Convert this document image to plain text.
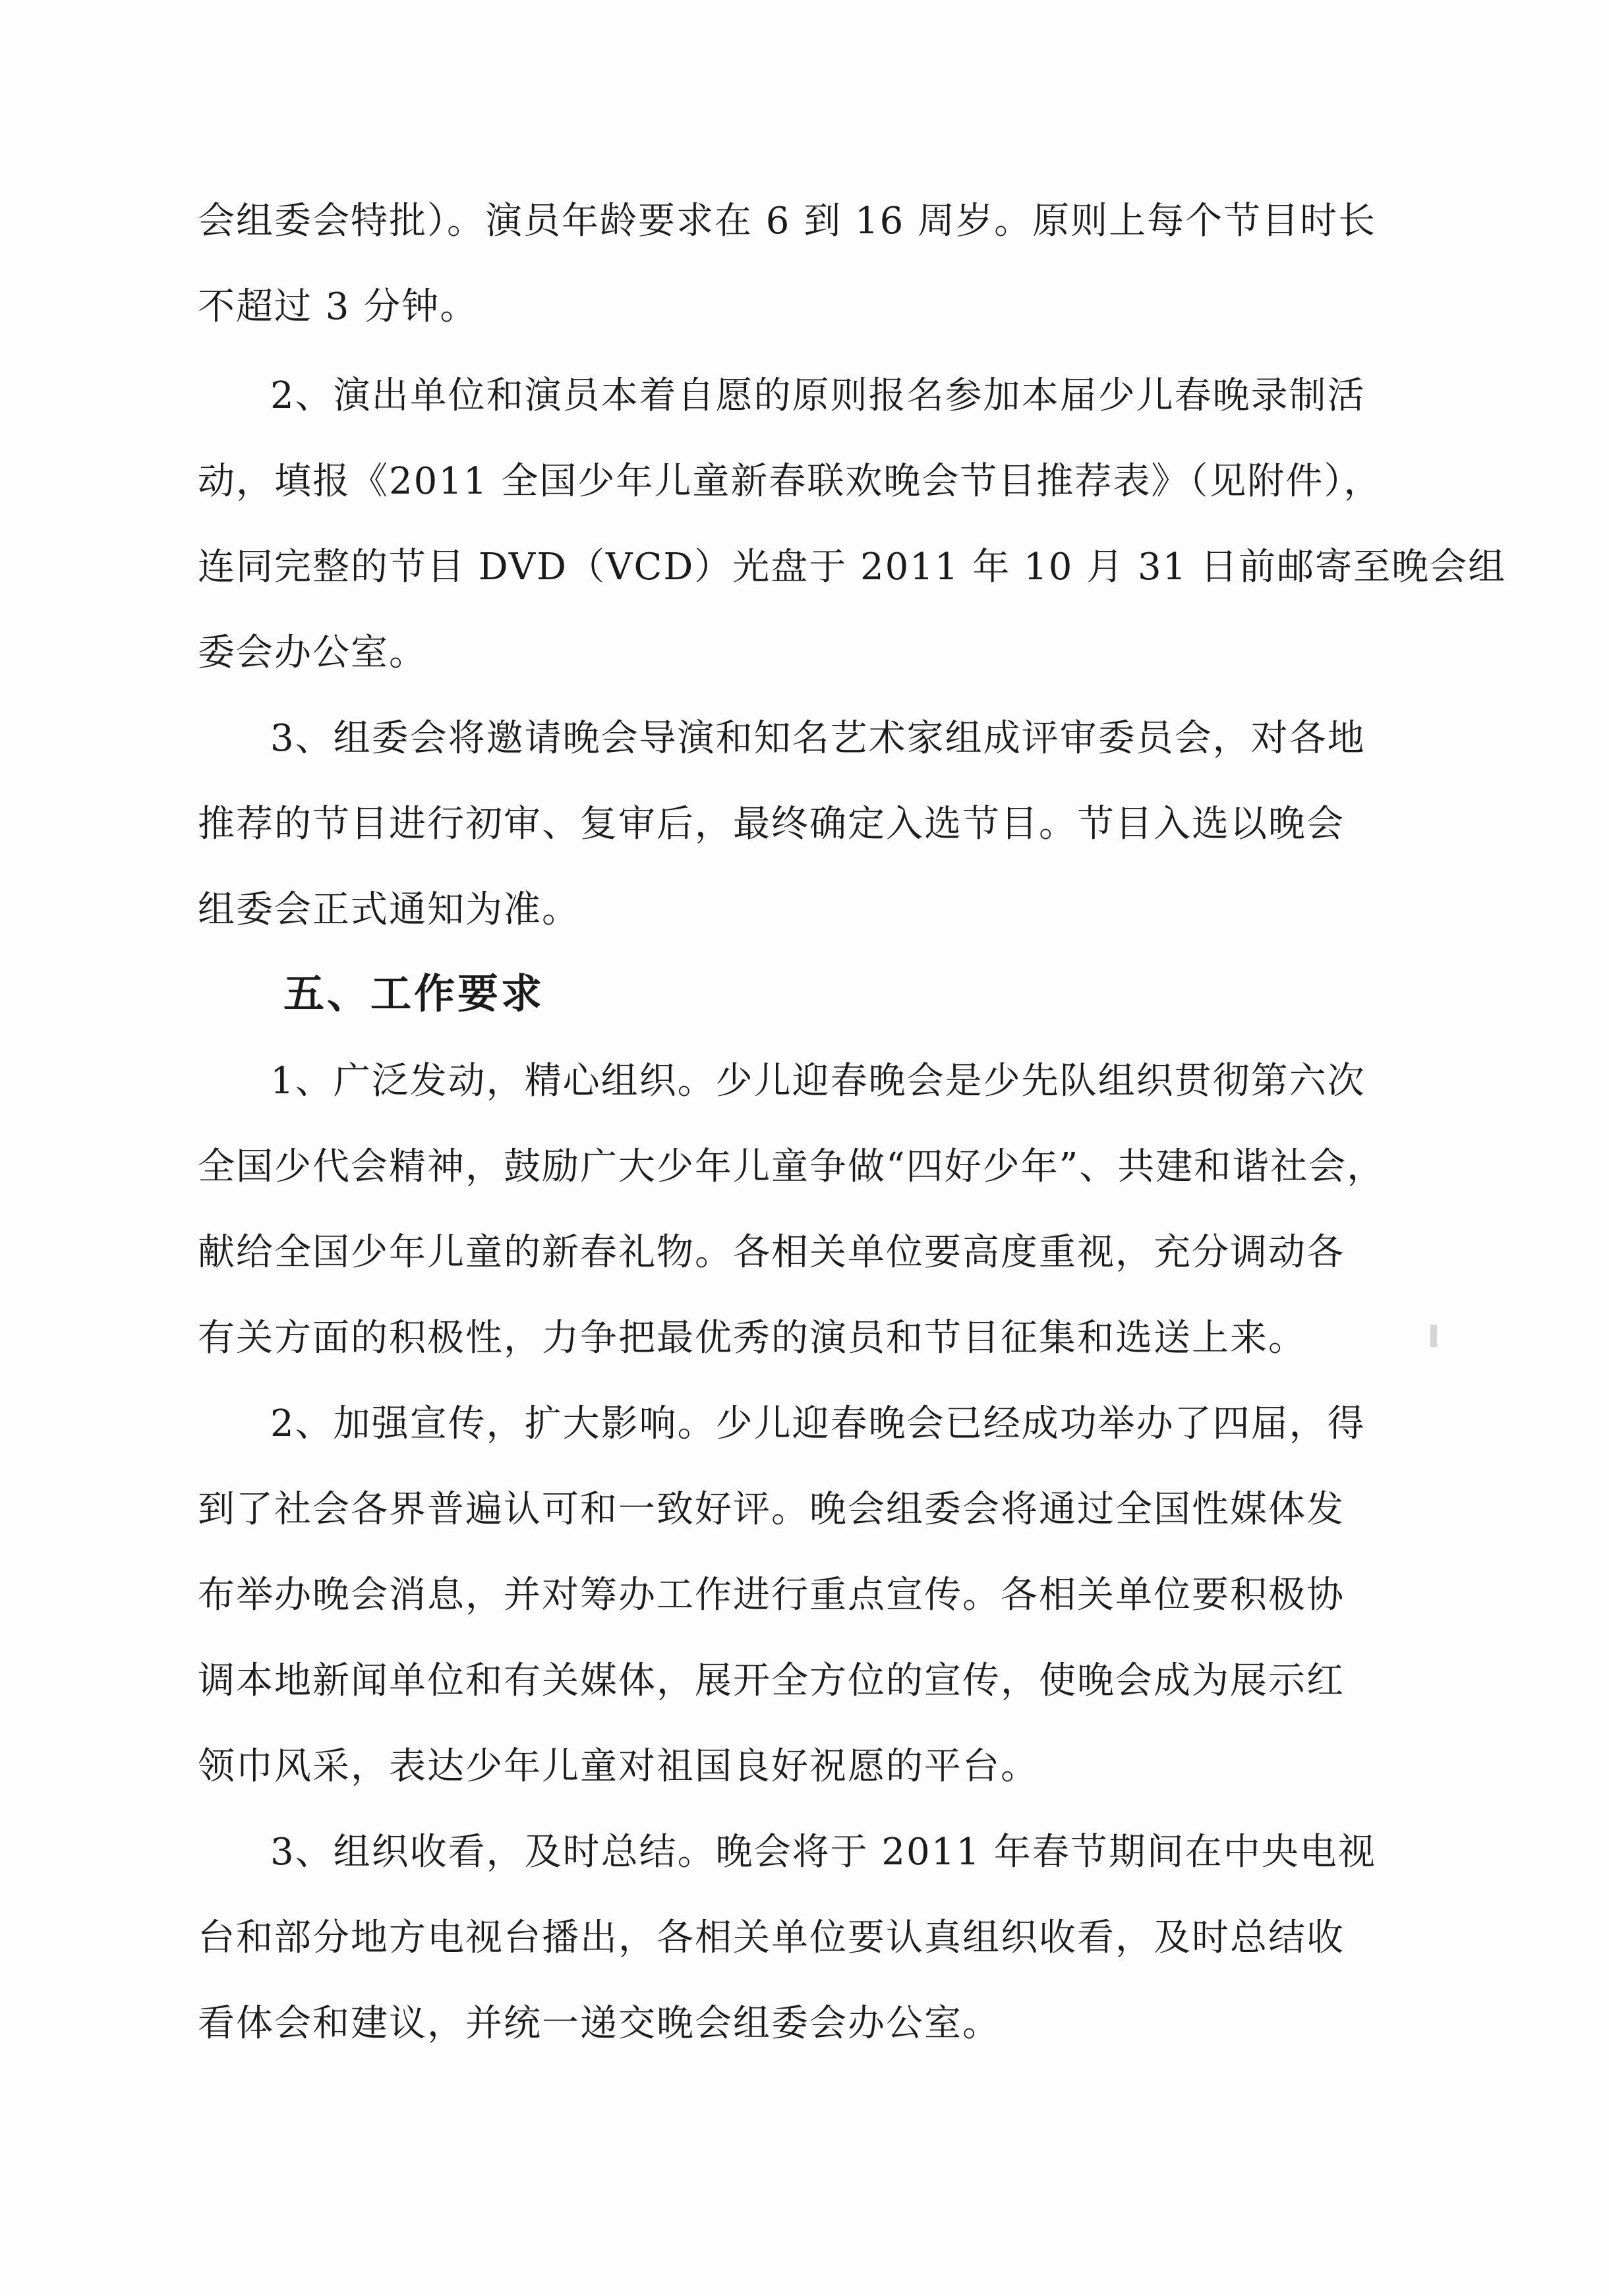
会组委会特批）。演员年龄要求在 6 到 16 周岁。原则上每个节目时长
不超过 3 分钟。
2、演出单位和演员本着自愿的原则报名参加本届少儿春晚录制活
动，填报《2011 全国少年儿童新春联欢晚会节目推荐表》（见附件），
连同完整的节目 DVD（VCD）光盘于 2011 年 10 月 31 日前邮寄至晚会组
委会办公室。
3、组委会将邀请晚会导演和知名艺术家组成评审委员会，对各地
推荐的节目进行初审、复审后，最终确定入选节目。节目入选以晚会
组委会正式通知为准。
五、工作要求
1、广泛发动，精心组织。少儿迎春晚会是少先队组织贯彻第六次
全国少代会精神，鼓励广大少年儿童争做“四好少年”、共建和谐社会，
献给全国少年儿童的新春礼物。各相关单位要高度重视，充分调动各
有关方面的积极性，力争把最优秀的演员和节目征集和选送上来。
2、加强宣传，扩大影响。少儿迎春晚会已经成功举办了四届，得
到了社会各界普遍认可和一致好评。晚会组委会将通过全国性媒体发
布举办晚会消息，并对筹办工作进行重点宣传。各相关单位要积极协
调本地新闻单位和有关媒体，展开全方位的宣传，使晚会成为展示红
领巾风采，表达少年儿童对祖国良好祝愿的平台。
3、组织收看，及时总结。晚会将于 2011 年春节期间在中央电视
台和部分地方电视台播出，各相关单位要认真组织收看，及时总结收
看体会和建议，并统一递交晚会组委会办公室。
